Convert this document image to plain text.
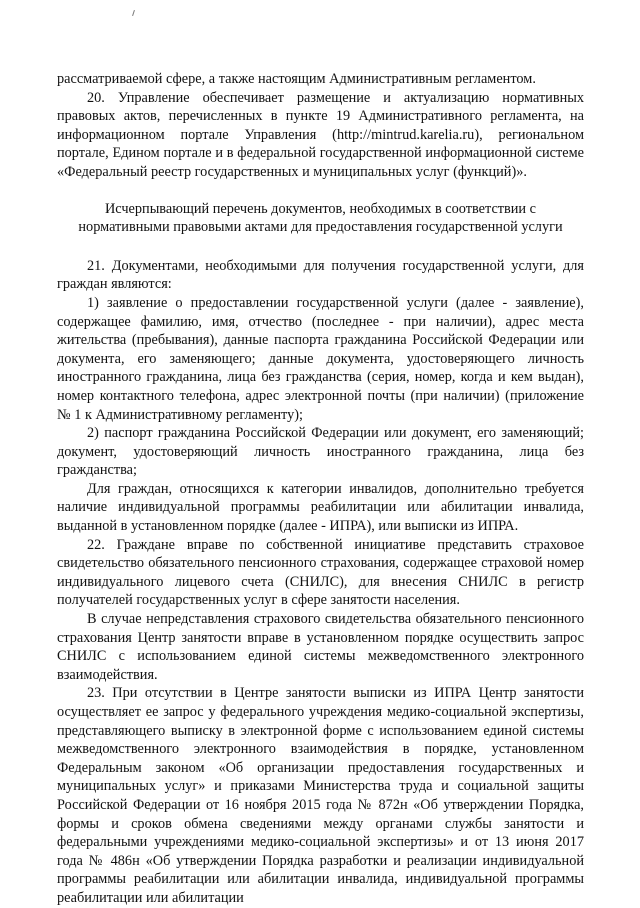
рассматриваемой сфере, а также настоящим Административным регламентом.

20. Управление обеспечивает размещение и актуализацию нормативных правовых актов, перечисленных в пункте 19 Административного регламента, на информационном портале Управления (http://mintrud.karelia.ru), региональном портале, Едином портале и в федеральной государственной информационной системе «Федеральный реестр государственных и муниципальных услуг (функций)».

Исчерпывающий перечень документов, необходимых в соответствии с
нормативными правовыми актами для предоставления государственной услуги

21. Документами, необходимыми для получения государственной услуги, для граждан являются:

1) заявление о предоставлении государственной услуги (далее - заявление), содержащее фамилию, имя, отчество (последнее - при наличии), адрес места жительства (пребывания), данные паспорта гражданина Российской Федерации или документа, его заменяющего; данные документа, удостоверяющего личность иностранного гражданина, лица без гражданства (серия, номер, когда и кем выдан), номер контактного телефона, адрес электронной почты (при наличии) (приложение № 1 к Административному регламенту);

2) паспорт гражданина Российской Федерации или документ, его заменяющий; документ, удостоверяющий личность иностранного гражданина, лица без гражданства;

Для граждан, относящихся к категории инвалидов, дополнительно требуется наличие индивидуальной программы реабилитации или абилитации инвалида, выданной в установленном порядке (далее - ИПРА), или выписки из ИПРА.

22. Граждане вправе по собственной инициативе представить страховое свидетельство обязательного пенсионного страхования, содержащее страховой номер индивидуального лицевого счета (СНИЛС), для внесения СНИЛС в регистр получателей государственных услуг в сфере занятости населения.

В случае непредставления страхового свидетельства обязательного пенсионного страхования Центр занятости вправе в установленном порядке осуществить запрос СНИЛС с использованием единой системы межведомственного электронного взаимодействия.

23. При отсутствии в Центре занятости выписки из ИПРА Центр занятости осуществляет ее запрос у федерального учреждения медико-социальной экспертизы, представляющего выписку в электронной форме с использованием единой системы межведомственного электронного взаимодействия в порядке, установленном Федеральным законом «Об организации предоставления государственных и муниципальных услуг» и приказами Министерства труда и социальной защиты Российской Федерации от 16 ноября 2015 года № 872н «Об утверждении Порядка, формы и сроков обмена сведениями между органами службы занятости и федеральными учреждениями медико-социальной экспертизы» и от 13 июня 2017 года № 486н «Об утверждении Порядка разработки и реализации индивидуальной программы реабилитации или абилитации инвалида, индивидуальной программы реабилитации или абилитации
